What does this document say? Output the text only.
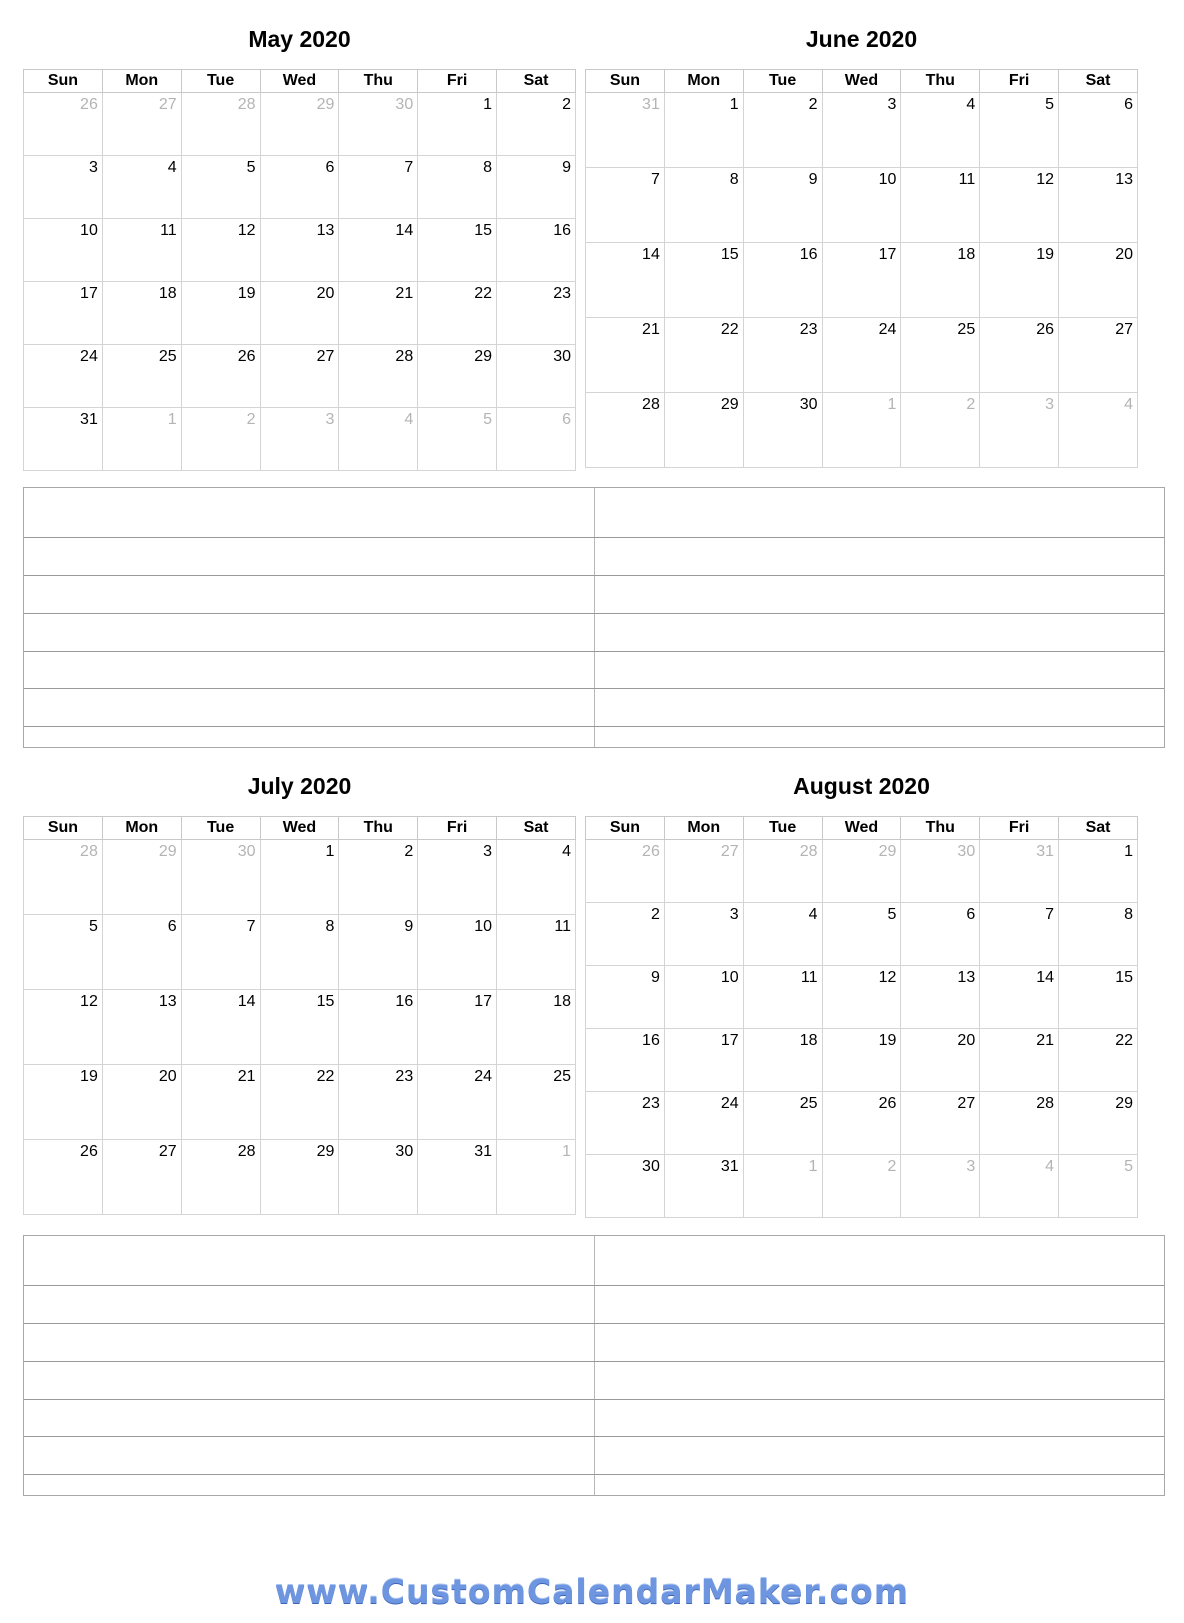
May 2020
Sun	Mon	Tue	Wed	Thu	Fri	Sat
26	27	28	29	30	1	2
3	4	5	6	7	8	9
10	11	12	13	14	15	16
17	18	19	20	21	22	23
24	25	26	27	28	29	30
31	1	2	3	4	5	6
June 2020
Sun	Mon	Tue	Wed	Thu	Fri	Sat
31	1	2	3	4	5	6
7	8	9	10	11	12	13
14	15	16	17	18	19	20
21	22	23	24	25	26	27
28	29	30	1	2	3	4
July 2020
Sun	Mon	Tue	Wed	Thu	Fri	Sat
28	29	30	1	2	3	4
5	6	7	8	9	10	11
12	13	14	15	16	17	18
19	20	21	22	23	24	25
26	27	28	29	30	31	1
August 2020
Sun	Mon	Tue	Wed	Thu	Fri	Sat
26	27	28	29	30	31	1
2	3	4	5	6	7	8
9	10	11	12	13	14	15
16	17	18	19	20	21	22
23	24	25	26	27	28	29
30	31	1	2	3	4	5
www.CustomCalendarMaker.com
